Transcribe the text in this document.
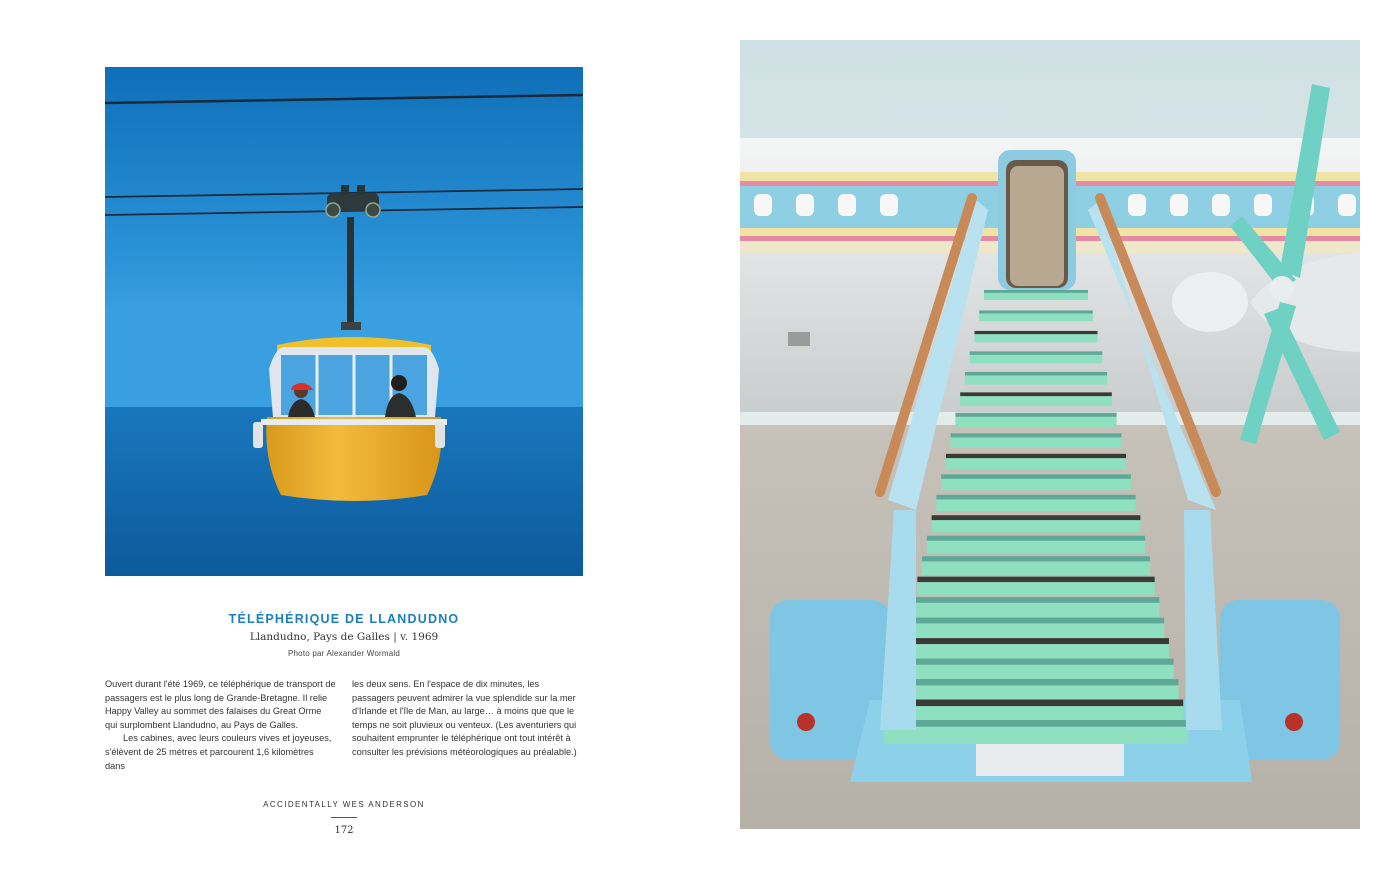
TÉLÉPHÉRIQUE DE LLANDUDNO
Llandudno, Pays de Galles | v. 1969
Photo par Alexander Wormald

Ouvert durant l'été 1969, ce téléphérique de transport de passagers est le plus long de Grande-Bretagne. Il relie Happy Valley au sommet des falaises du Great Orme qui surplombent Llandudno, au Pays de Galles.

Les cabines, avec leurs couleurs vives et joyeuses, s'élèvent de 25 mètres et parcourent 1,6 kilomètres dans

les deux sens. En l'espace de dix minutes, les passagers peuvent admirer la vue splendide sur la mer d'Irlande et l'île de Man, au large… à moins que que le temps ne soit pluvieux ou venteux. (Les aventuriers qui souhaitent emprunter le téléphérique ont tout intérêt à consulter les prévisions météorologiques au préalable.)

ACCIDENTALLY WES ANDERSON
172
